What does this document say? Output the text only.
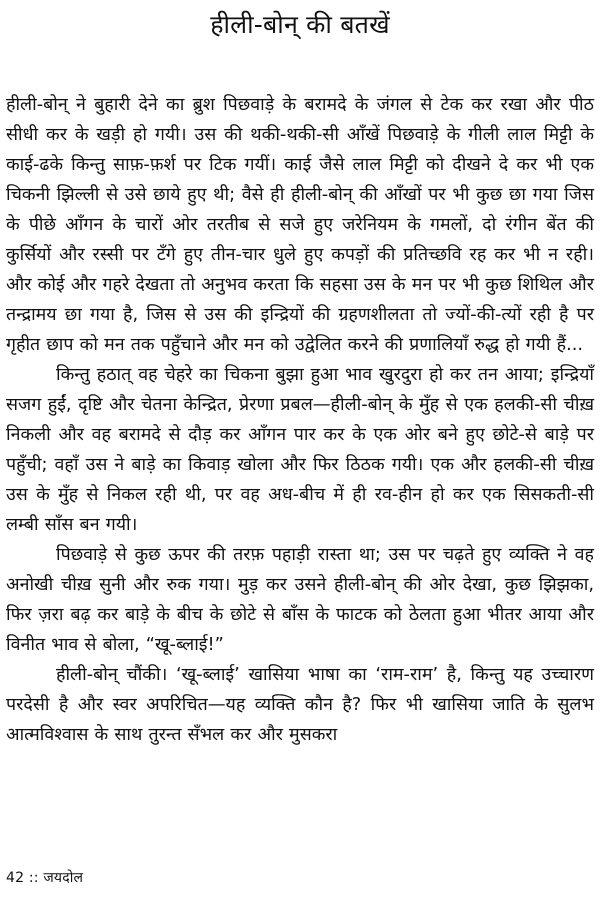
हीली-बोन् की बतखें

हीली-बोन् ने बुहारी देने का ब्रुश पिछवाड़े के बरामदे के जंगल से टेक कर रखा और पीठ सीधी कर के खड़ी हो गयी। उस की थकी-थकी-सी आँखें पिछवाड़े के गीली लाल मिट्टी के काई-ढके किन्तु साफ़-फ़र्श पर टिक गयीं। काई जैसे लाल मिट्टी को दीखने दे कर भी एक चिकनी झिल्ली से उसे छाये हुए थी; वैसे ही हीली-बोन् की आँखों पर भी कुछ छा गया जिस के पीछे आँगन के चारों ओर तरतीब से सजे हुए जरेनियम के गमलों, दो रंगीन बेंत की कुर्सियों और रस्सी पर टँगे हुए तीन-चार धुले हुए कपड़ों की प्रतिच्छवि रह कर भी न रही। और कोई और गहरे देखता तो अनुभव करता कि सहसा उस के मन पर भी कुछ शिथिल और तन्द्रामय छा गया है, जिस से उस की इन्द्रियों की ग्रहणशीलता तो ज्यों-की-त्यों रही है पर गृहीत छाप को मन तक पहुँचाने और मन को उद्वेलित करने की प्रणालियाँ रुद्ध हो गयी हैं...

किन्तु हठात् वह चेहरे का चिकना बुझा हुआ भाव खुरदुरा हो कर तन आया; इन्द्रियाँ सजग हुईं, दृष्टि और चेतना केन्द्रित, प्रेरणा प्रबल—हीली-बोन् के मुँह से एक हलकी-सी चीख़ निकली और वह बरामदे से दौड़ कर आँगन पार कर के एक ओर बने हुए छोटे-से बाड़े पर पहुँची; वहाँ उस ने बाड़े का किवाड़ खोला और फिर ठिठक गयी। एक और हलकी-सी चीख़ उस के मुँह से निकल रही थी, पर वह अध-बीच में ही रव-हीन हो कर एक सिसकती-सी लम्बी साँस बन गयी।

पिछवाड़े से कुछ ऊपर की तरफ़ पहाड़ी रास्ता था; उस पर चढ़ते हुए व्यक्ति ने वह अनोखी चीख़ सुनी और रुक गया। मुड़ कर उसने हीली-बोन् की ओर देखा, कुछ झिझका, फिर ज़रा बढ़ कर बाड़े के बीच के छोटे से बाँस के फाटक को ठेलता हुआ भीतर आया और विनीत भाव से बोला, “खू-ब्लाई!”

हीली-बोन् चौंकी। ‘खू-ब्लाई’ खासिया भाषा का ‘राम-राम’ है, किन्तु यह उच्चारण परदेसी है और स्वर अपरिचित—यह व्यक्ति कौन है? फिर भी खासिया जाति के सुलभ आत्मविश्वास के साथ तुरन्त सँभल कर और मुसकरा

42 :: जयदोल
